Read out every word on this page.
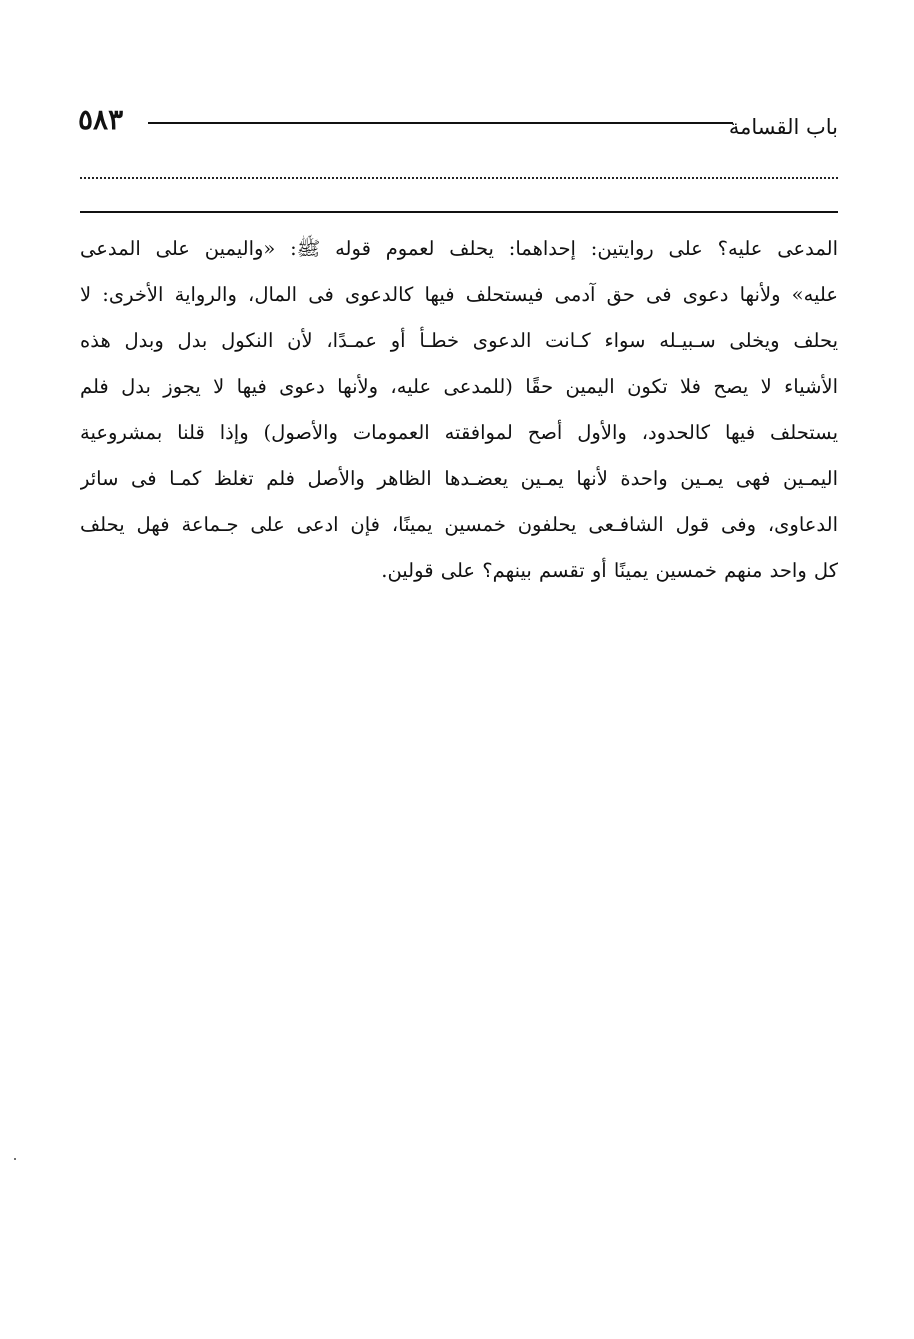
٥٨٣	باب القسامة

المدعى عليه؟ على روايتين: إحداهما: يحلف لعموم قوله ﷺ: «واليمين على المدعى
عليه» ولأنها دعوى فى حق آدمى فيستحلف فيها كالدعوى فى المال، والرواية الأخرى: لا
يحلف ويخلى سـبيـله سواء كـانت الدعوى خطـأ أو عمـدًا، لأن النكول بدل وبدل هذه
الأشياء لا يصح فلا تكون اليمين حقًا (للمدعى عليه، ولأنها دعوى فيها لا يجوز بدل فلم
يستحلف فيها كالحدود، والأول أصح لموافقته العمومات والأصول) وإذا قلنا بمشروعية
اليمـين فهى يمـين واحدة لأنها يمـين يعضـدها الظاهر والأصل فلم تغلظ كمـا فى سائر
الدعاوى، وفى قول الشافـعى يحلفون خمسين يمينًا، فإن ادعى على جـماعة فهل يحلف
كل واحد منهم خمسين يمينًا أو تقسم بينهم؟ على قولين.
